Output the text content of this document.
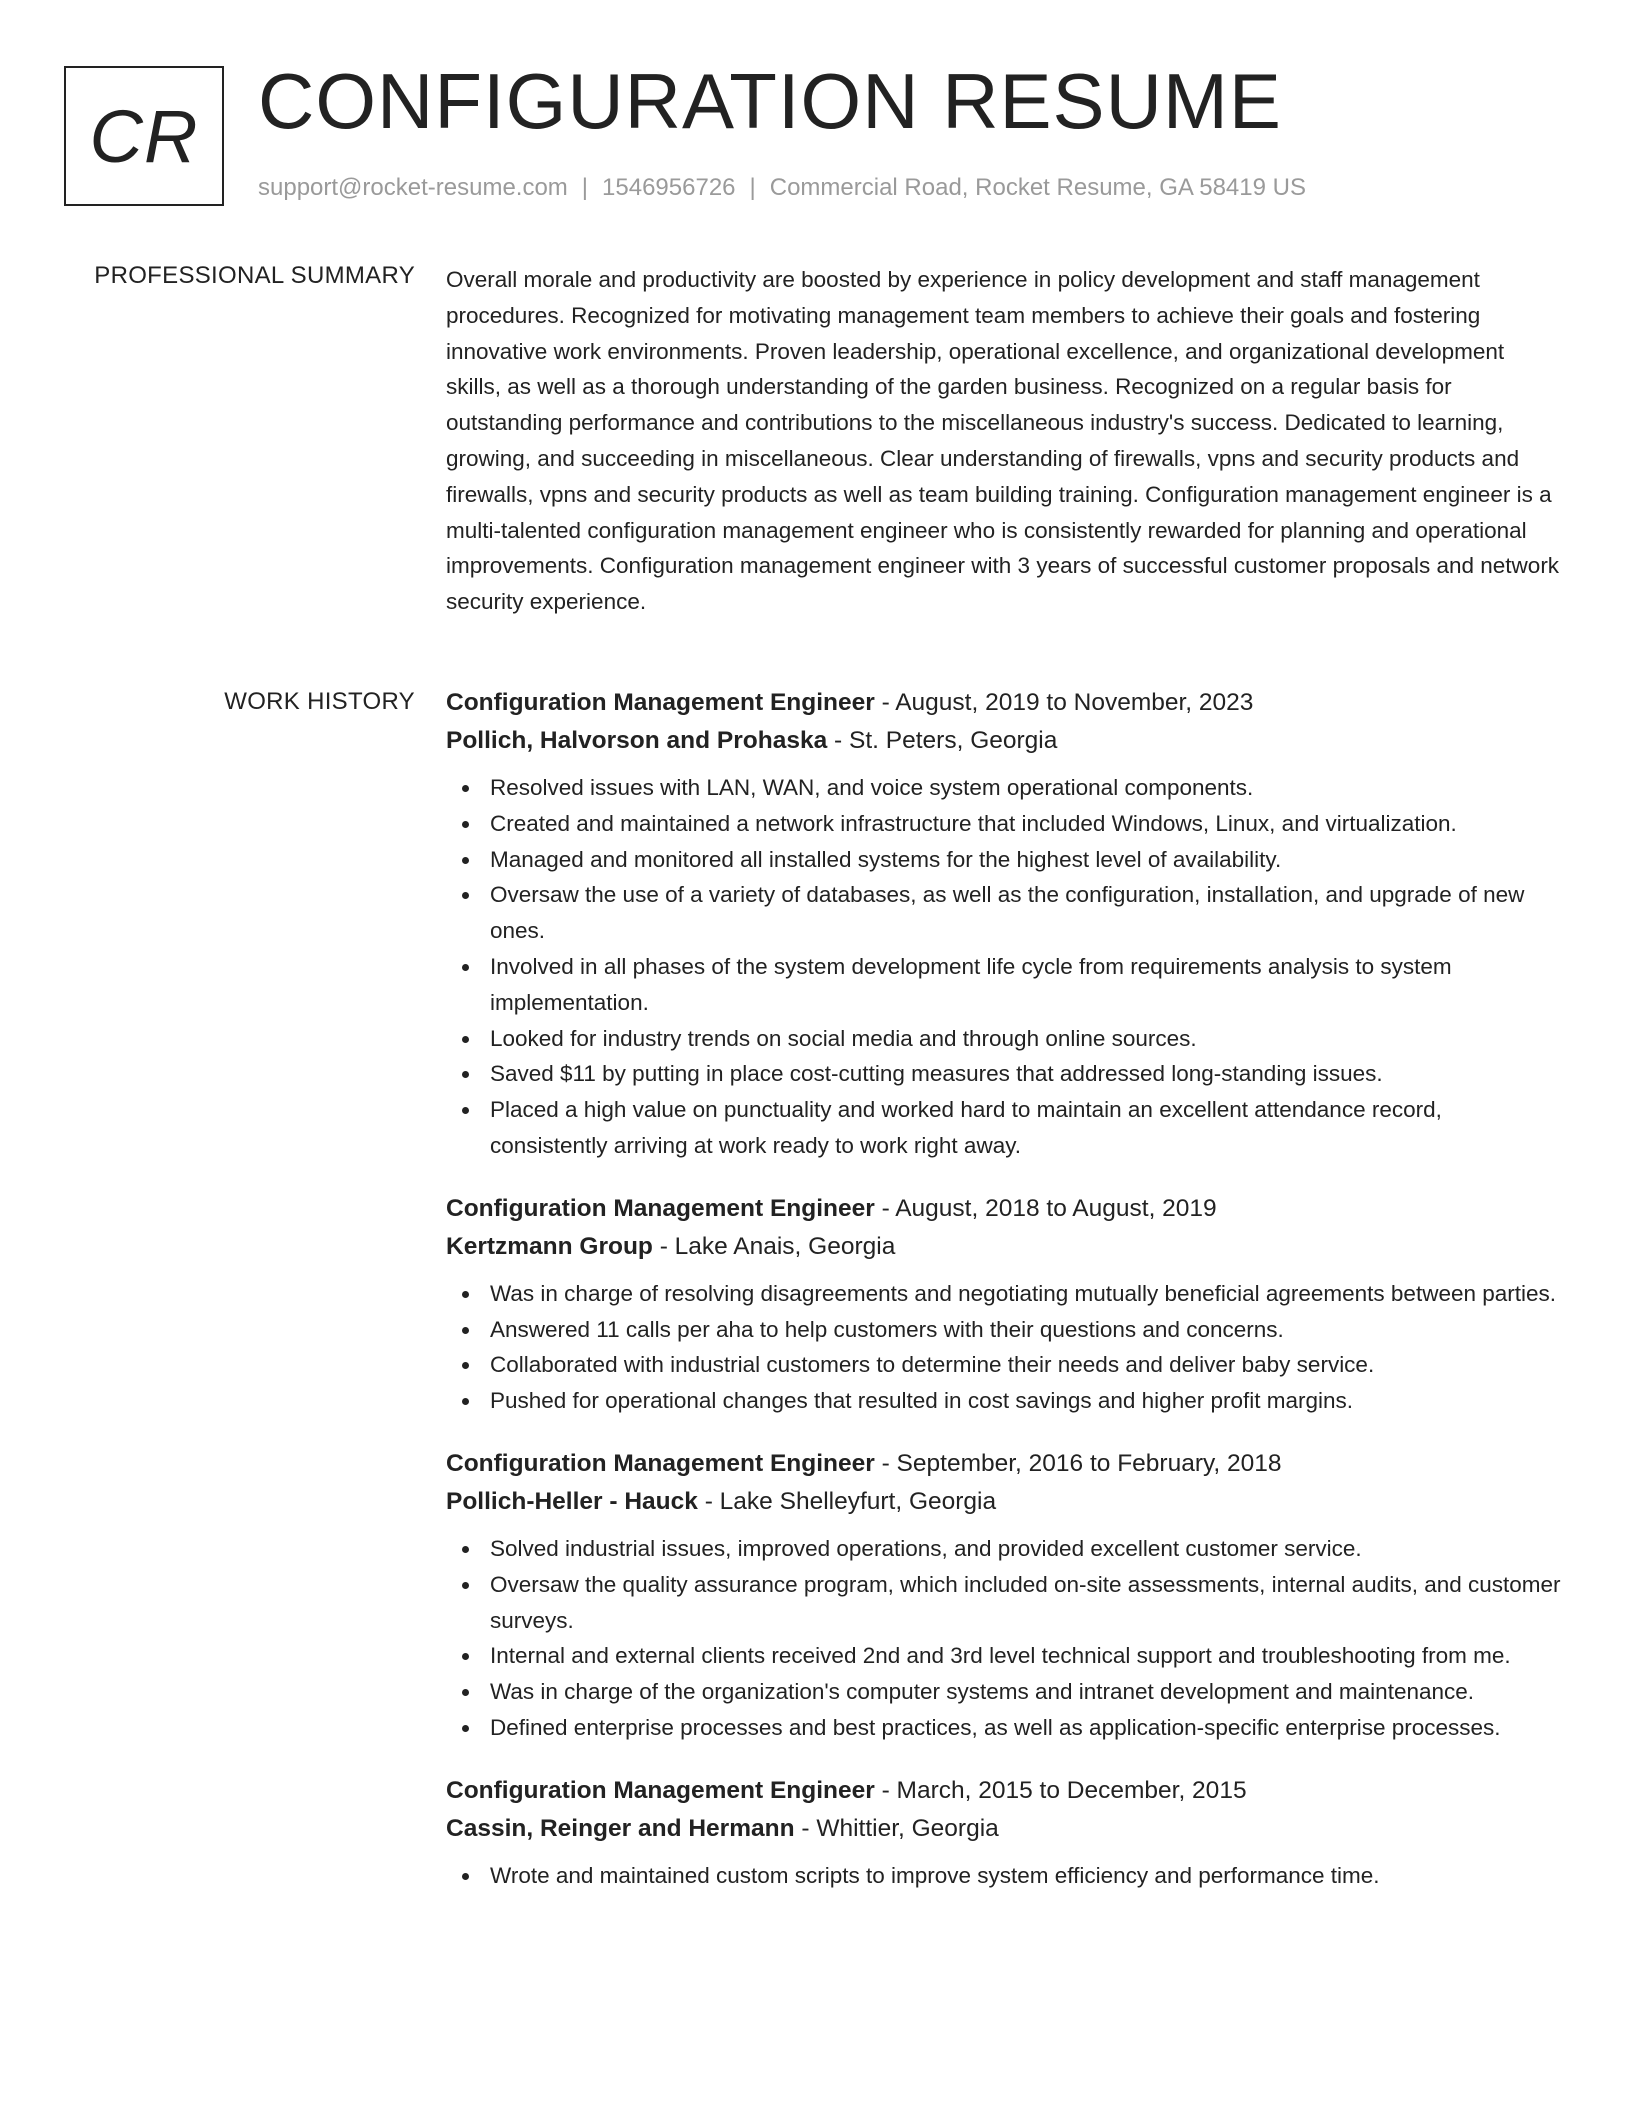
CR CONFIGURATION RESUME
support@rocket-resume.com | 1546956726 | Commercial Road, Rocket Resume, GA 58419 US
PROFESSIONAL SUMMARY Overall morale and productivity are boosted by experience in policy development and staff management procedures. Recognized for motivating management team members to achieve their goals and fostering innovative work environments. Proven leadership, operational excellence, and organizational development skills, as well as a thorough understanding of the garden business. Recognized on a regular basis for outstanding performance and contributions to the miscellaneous industry's success. Dedicated to learning, growing, and succeeding in miscellaneous. Clear understanding of firewalls, vpns and security products and firewalls, vpns and security products as well as team building training. Configuration management engineer is a multi-talented configuration management engineer who is consistently rewarded for planning and operational improvements. Configuration management engineer with 3 years of successful customer proposals and network security experience.

WORK HISTORY Configuration Management Engineer - August, 2019 to November, 2023
Pollich, Halvorson and Prohaska - St. Peters, Georgia
Resolved issues with LAN, WAN, and voice system operational components.
Created and maintained a network infrastructure that included Windows, Linux, and virtualization.
Managed and monitored all installed systems for the highest level of availability.
Oversaw the use of a variety of databases, as well as the configuration, installation, and upgrade of new ones.
Involved in all phases of the system development life cycle from requirements analysis to system implementation.
Looked for industry trends on social media and through online sources.
Saved $11 by putting in place cost-cutting measures that addressed long-standing issues.
Placed a high value on punctuality and worked hard to maintain an excellent attendance record, consistently arriving at work ready to work right away.
Configuration Management Engineer - August, 2018 to August, 2019
Kertzmann Group - Lake Anais, Georgia
Was in charge of resolving disagreements and negotiating mutually beneficial agreements between parties.
Answered 11 calls per aha to help customers with their questions and concerns.
Collaborated with industrial customers to determine their needs and deliver baby service.
Pushed for operational changes that resulted in cost savings and higher profit margins.
Configuration Management Engineer - September, 2016 to February, 2018
Pollich-Heller - Hauck - Lake Shelleyfurt, Georgia
Solved industrial issues, improved operations, and provided excellent customer service.
Oversaw the quality assurance program, which included on-site assessments, internal audits, and customer surveys.
Internal and external clients received 2nd and 3rd level technical support and troubleshooting from me.
Was in charge of the organization's computer systems and intranet development and maintenance.
Defined enterprise processes and best practices, as well as application-specific enterprise processes.
Configuration Management Engineer - March, 2015 to December, 2015
Cassin, Reinger and Hermann - Whittier, Georgia
Wrote and maintained custom scripts to improve system efficiency and performance time.
